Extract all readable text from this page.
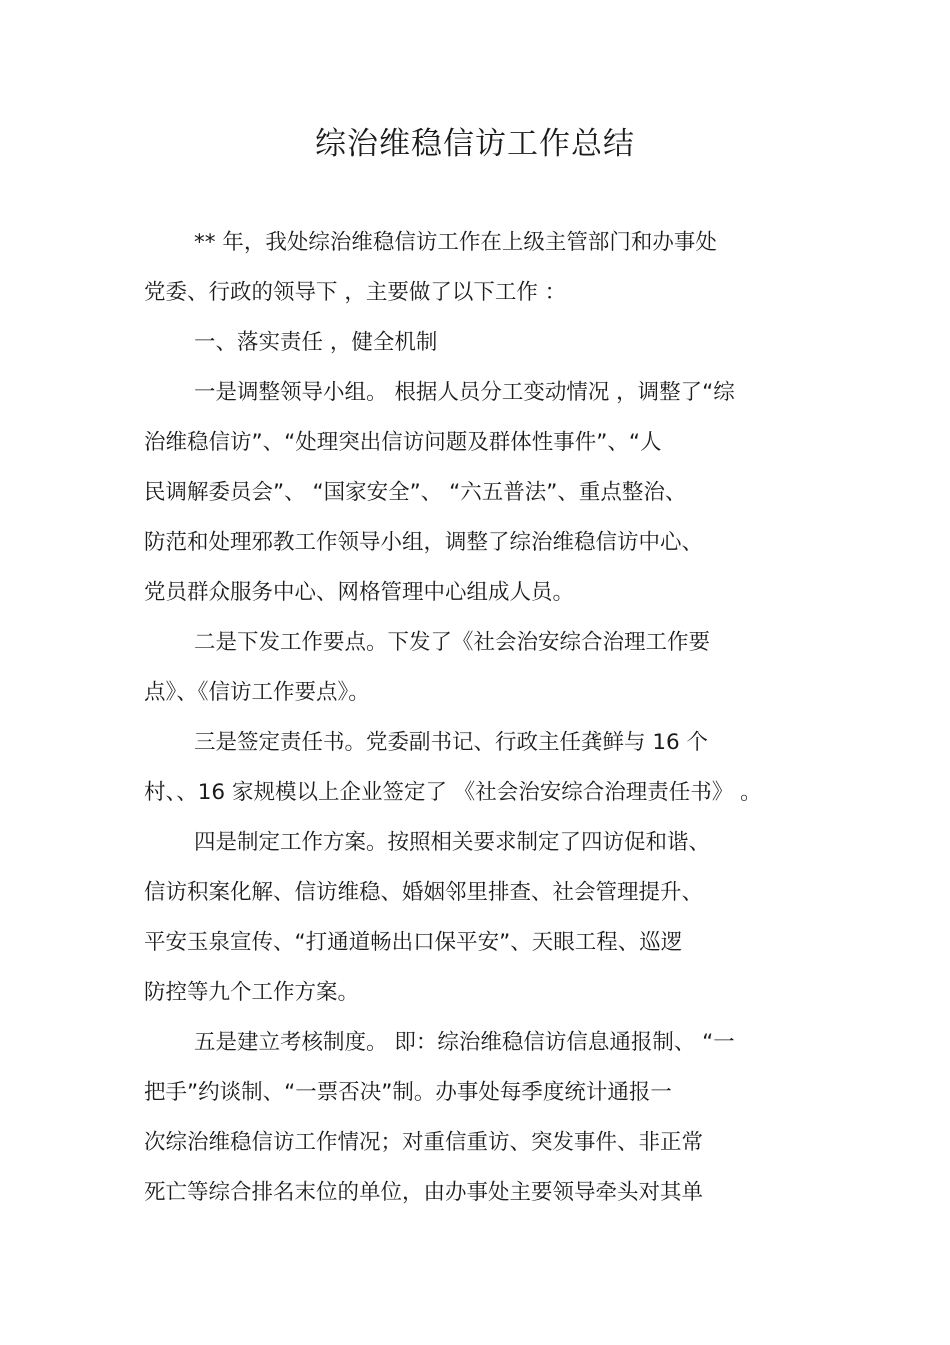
综治维稳信访工作总结
** 年，我处综治维稳信访工作在上级主管部门和办事处
党委、行政的领导下 ，主要做了以下工作 ：
一、落实责任 ，健全机制
一是调整领导小组。 根据人员分工变动情况 ，调整了“综
治维稳信访”、“处理突出信访问题及群体性事件”、“人
民调解委员会”、 “国家安全”、 “六五普法”、重点整治、
防范和处理邪教工作领导小组，调整了综治维稳信访中心、
党员群众服务中心、网格管理中心组成人员。
二是下发工作要点。下发了《社会治安综合治理工作要
点》、《信访工作要点》。
三是签定责任书。党委副书记、行政主任龚鲜与 16 个
村、、16 家规模以上企业签定了 《社会治安综合治理责任书》 。
四是制定工作方案。按照相关要求制定了四访促和谐、
信访积案化解、信访维稳、婚姻邻里排查、社会管理提升、
平安玉泉宣传、“打通道畅出口保平安”、天眼工程、巡逻
防控等九个工作方案。
五是建立考核制度。 即：综治维稳信访信息通报制、 “一
把手”约谈制、“一票否决”制。办事处每季度统计通报一
次综治维稳信访工作情况；对重信重访、突发事件、非正常
死亡等综合排名末位的单位，由办事处主要领导牵头对其单
